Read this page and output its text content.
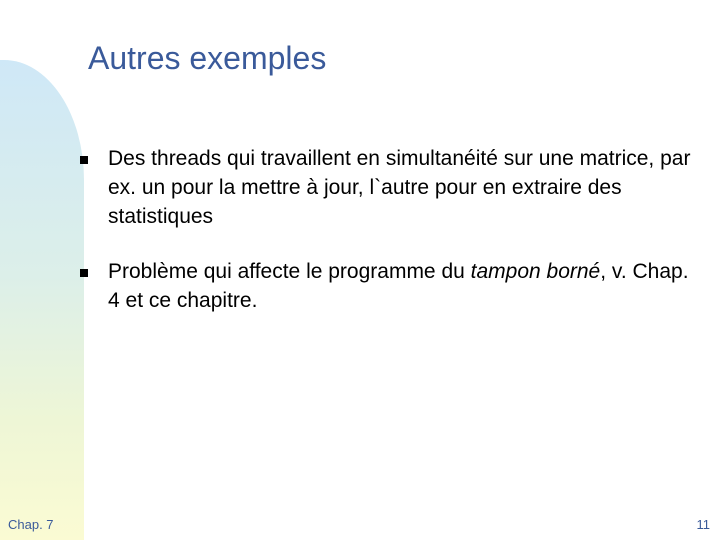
Autres exemples
Des threads qui travaillent en simultanéité sur une matrice, par ex. un pour la mettre à jour, l`autre pour en extraire des statistiques
Problème qui affecte le programme du tampon borné, v. Chap. 4 et ce chapitre.
Chap. 7	11
